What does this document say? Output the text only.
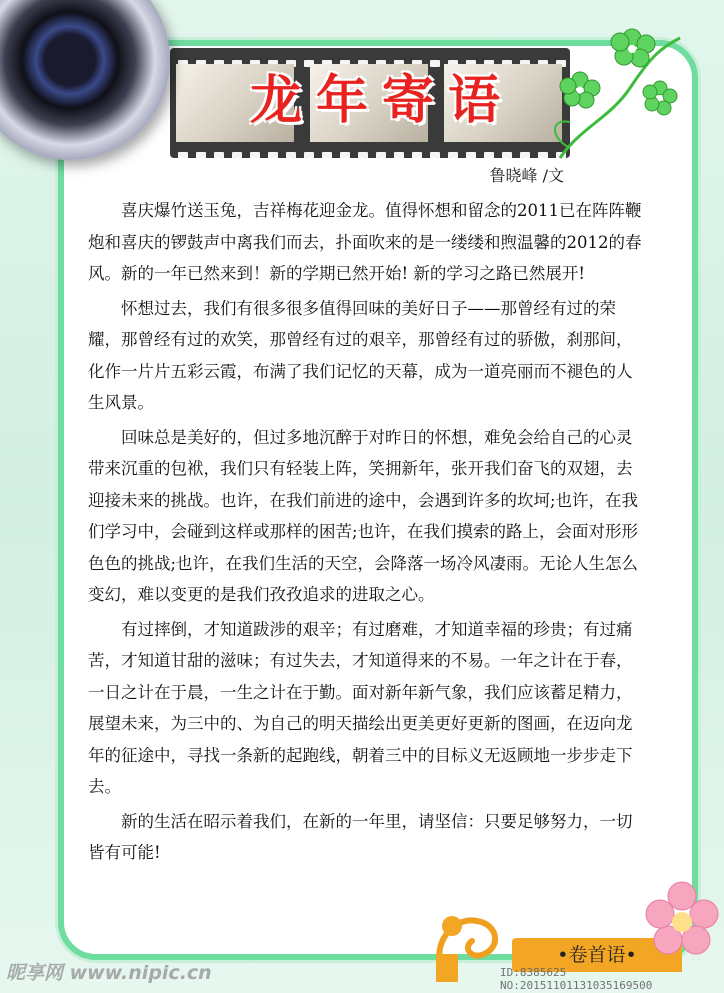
龙年寄语
鲁晓峰 /文

喜庆爆竹送玉兔，吉祥梅花迎金龙。值得怀想和留念的2011已在阵阵鞭炮和喜庆的锣鼓声中离我们而去，扑面吹来的是一缕缕和煦温馨的2012的春风。新的一年已然来到！新的学期已然开始! 新的学习之路已然展开!

怀想过去，我们有很多很多值得回味的美好日子——那曾经有过的荣耀，那曾经有过的欢笑，那曾经有过的艰辛，那曾经有过的骄傲，刹那间，化作一片片五彩云霞，布满了我们记忆的天幕，成为一道亮丽而不褪色的人生风景。

回味总是美好的，但过多地沉醉于对昨日的怀想，难免会给自己的心灵带来沉重的包袱，我们只有轻装上阵，笑拥新年，张开我们奋飞的双翅，去迎接未来的挑战。也许，在我们前进的途中，会遇到许多的坎坷;也许，在我们学习中，会碰到这样或那样的困苦;也许，在我们摸索的路上，会面对形形色色的挑战;也许，在我们生活的天空，会降落一场冷风凄雨。无论人生怎么变幻，难以变更的是我们孜孜追求的进取之心。

有过摔倒，才知道跋涉的艰辛；有过磨难，才知道幸福的珍贵；有过痛苦，才知道甘甜的滋味；有过失去，才知道得来的不易。一年之计在于春，一日之计在于晨，一生之计在于勤。面对新年新气象，我们应该蓄足精力，展望未来，为三中的、为自己的明天描绘出更美更好更新的图画，在迈向龙年的征途中，寻找一条新的起跑线，朝着三中的目标义无返顾地一步步走下去。

新的生活在昭示着我们，在新的一年里，请坚信：只要足够努力，一切皆有可能!

•卷首语•
昵享网 www.nipic.cn	ID:8385625 NO:20151101131035169500
